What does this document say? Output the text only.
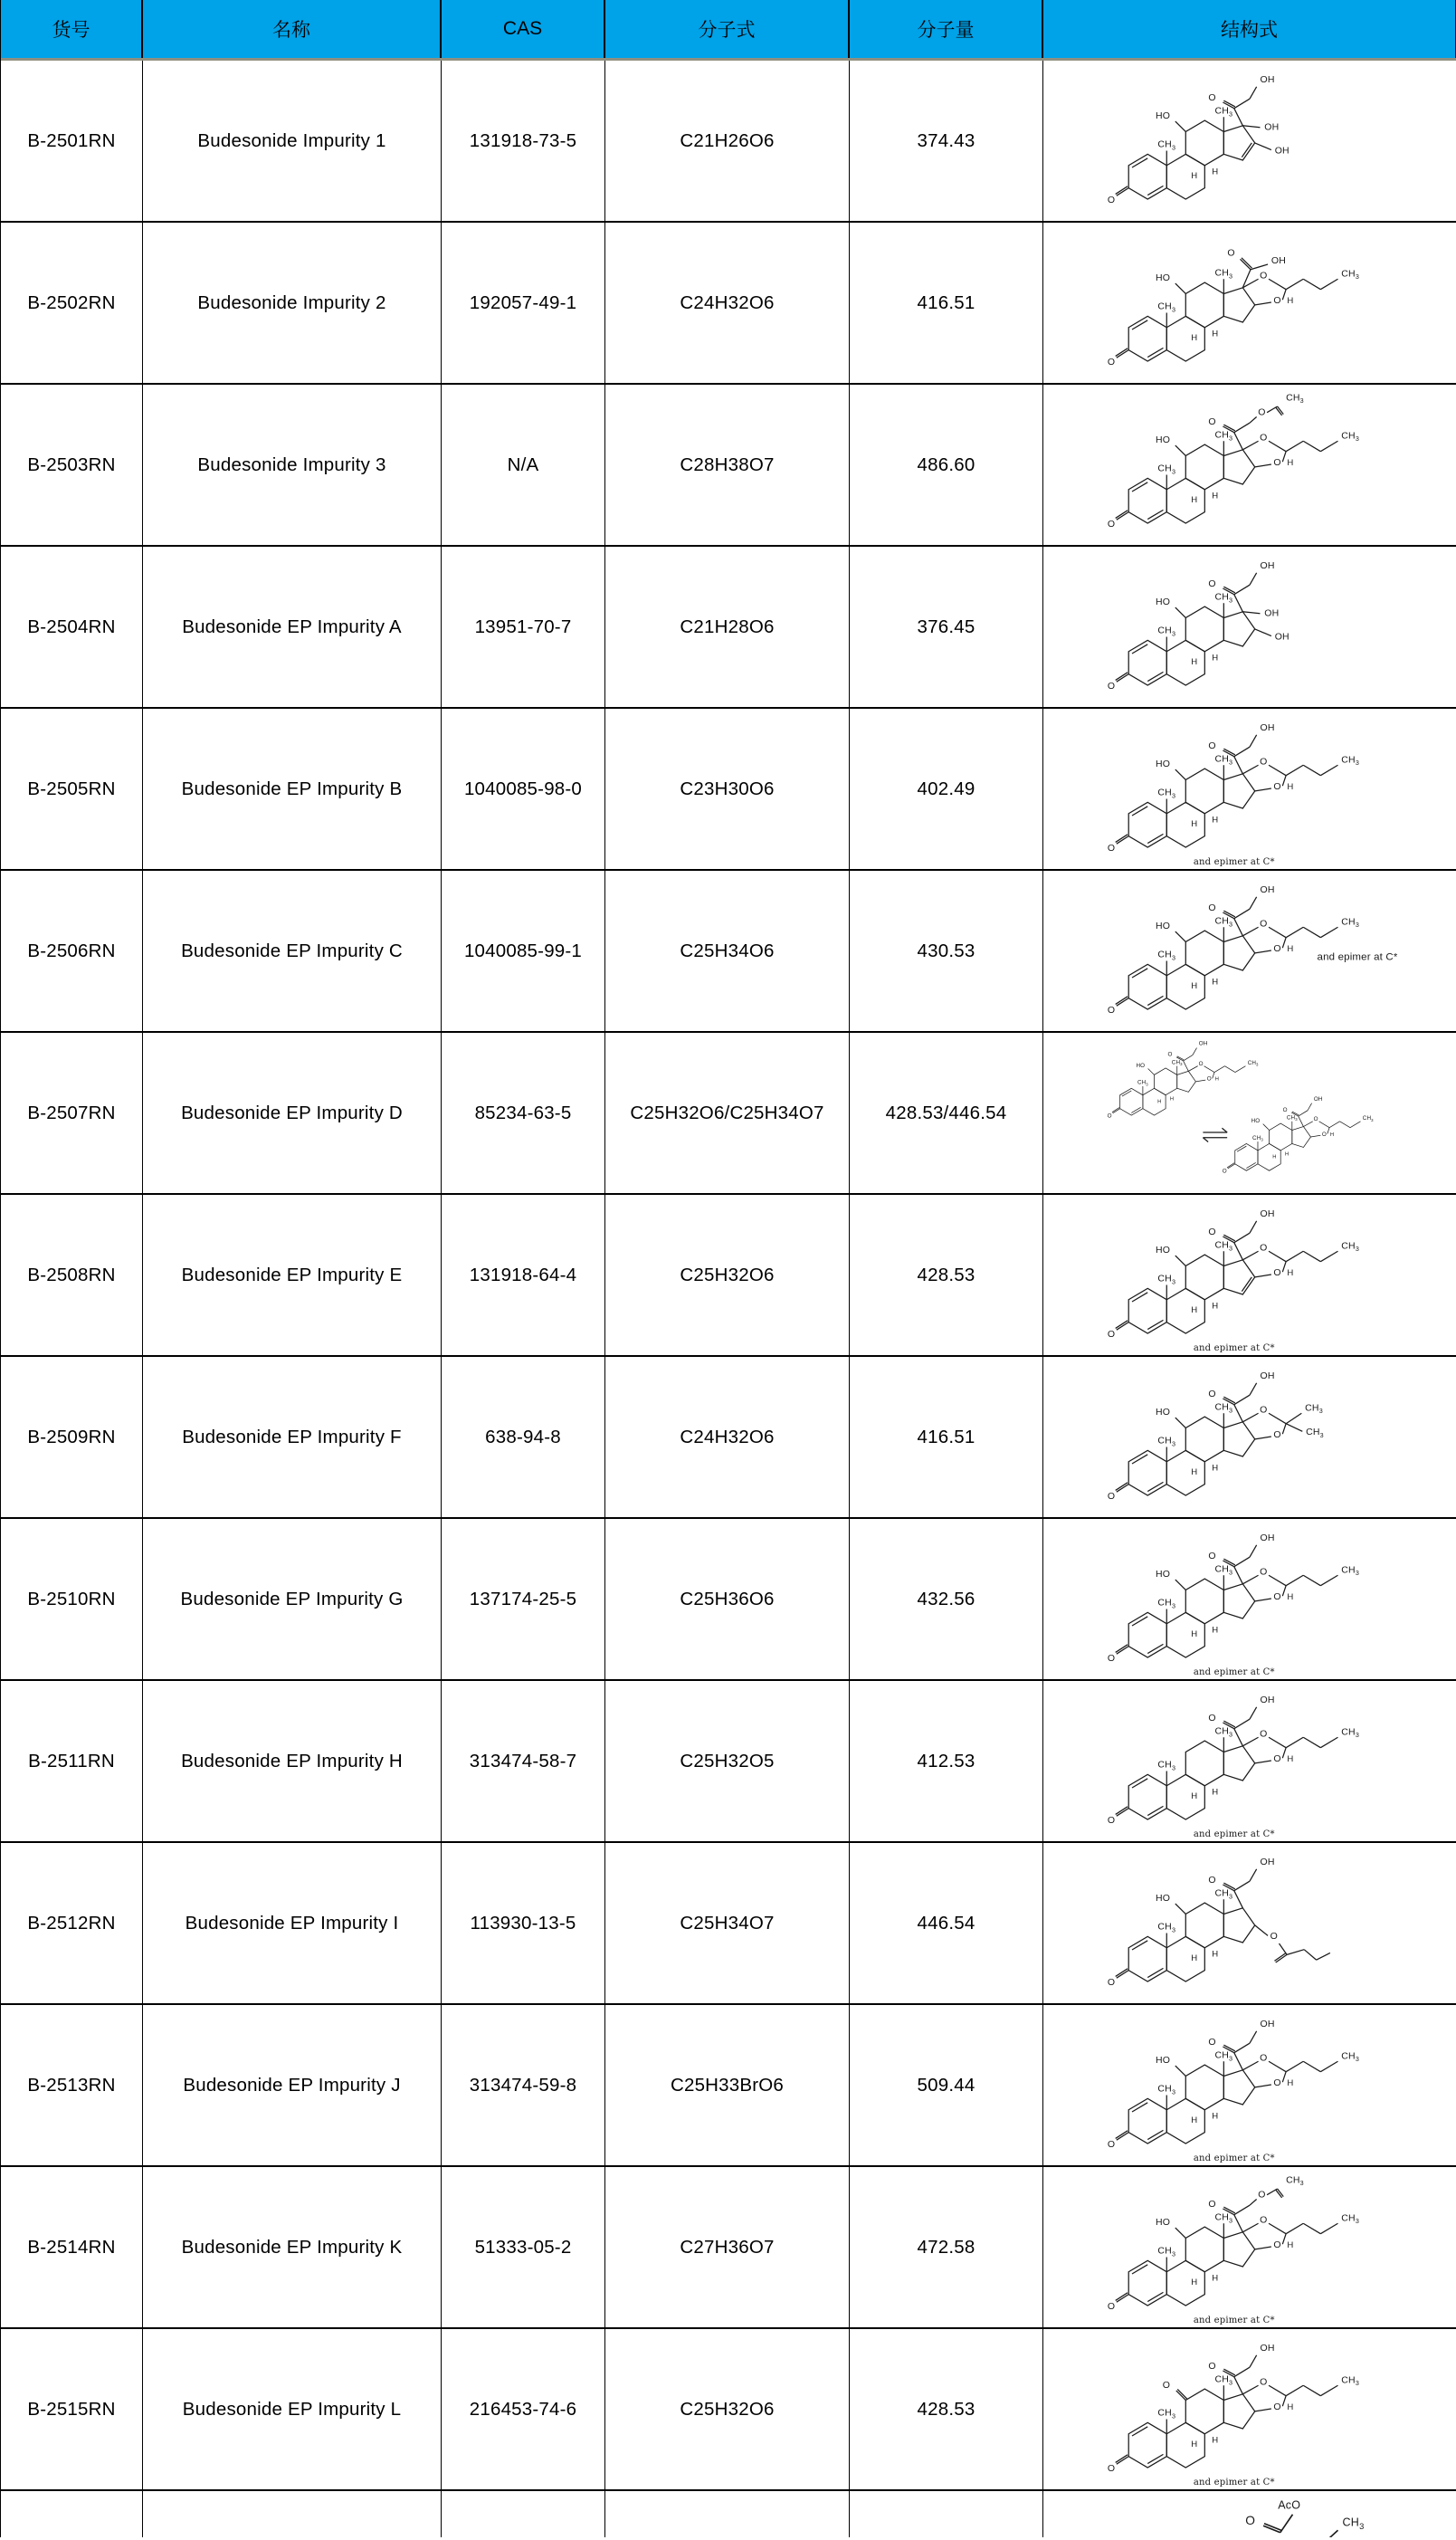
货号	名称	CAS	分子式	分子量	结构式
B-2501RN	Budesonide Impurity 1	131918-73-5	C21H26O6	374.43
O
$CH_3$
$CH_3$
HO
H H
O
OH
OH
OH
B-2502RN	Budesonide Impurity 2	192057-49-1	C24H32O6	416.51
O
$CH_3$
$CH_3$
HO
H H
O
OH
O
O
$CH_3$
H
B-2503RN	Budesonide Impurity 3	N/A	C28H38O7	486.60
O
$CH_3$
$CH_3$
HO
H H
O
O
$CH_3$
O
O
$CH_3$
H
B-2504RN	Budesonide EP Impurity A	13951-70-7	C21H28O6	376.45
O
$CH_3$
$CH_3$
HO
H H
O
OH
OH
OH
B-2505RN	Budesonide EP Impurity B	1040085-98-0	C23H30O6	402.49
O
$CH_3$
$CH_3$
HO
H H
O
OH
O
O
$CH_3$
H
and epimer at C*
B-2506RN	Budesonide EP Impurity C	1040085-99-1	C25H34O6	430.53
O
$CH_3$
$CH_3$
HO
H H
O
OH
O
O
$CH_3$
H
and epimer at C*
B-2507RN	Budesonide EP Impurity D	85234-63-5	C25H32O6/C25H34O7	428.53/446.54	O
$CH_3$
$CH_3$
HO
H H
O
OH
O
O
$CH_3$
H
O
$CH_3$
$CH_3$
HO
H H
O
OH
O
O
$CH_3$
H
B-2508RN	Budesonide EP Impurity E	131918-64-4	C25H32O6	428.53
O
$CH_3$
$CH_3$
HO
H H
O
OH
O
O
$CH_3$
H
and epimer at C*
B-2509RN	Budesonide EP Impurity F	638-94-8	C24H32O6	416.51
O
$CH_3$
$CH_3$
HO
H H
O
OH
O
O
$CH_3$
$CH_3$
B-2510RN	Budesonide EP Impurity G	137174-25-5	C25H36O6	432.56
O
$CH_3$
$CH_3$
HO
H H
O
OH
O
O
$CH_3$
H
and epimer at C*
B-2511RN	Budesonide EP Impurity H	313474-58-7	C25H32O5	412.53
O
$CH_3$
$CH_3$
H H
O
OH
O
O
$CH_3$
H
and epimer at C*
B-2512RN	Budesonide EP Impurity I	113930-13-5	C25H34O7	446.54
O
$CH_3$
$CH_3$
HO
H H
O
OH
O
B-2513RN	Budesonide EP Impurity J	313474-59-8	C25H33BrO6	509.44
O
$CH_3$
$CH_3$
HO
H H
O
OH
O
O
$CH_3$
H
and epimer at C*
B-2514RN	Budesonide EP Impurity K	51333-05-2	C27H36O7	472.58
O
$CH_3$
$CH_3$
HO
H H
O
O
$CH_3$
O
O
$CH_3$
H
and epimer at C*
B-2515RN	Budesonide EP Impurity L	216453-74-6	C25H32O6	428.53
O
$CH_3$
$CH_3$
O
H H
O
OH
O
O
$CH_3$
H
and epimer at C*
AcO
O	$CH_3$
